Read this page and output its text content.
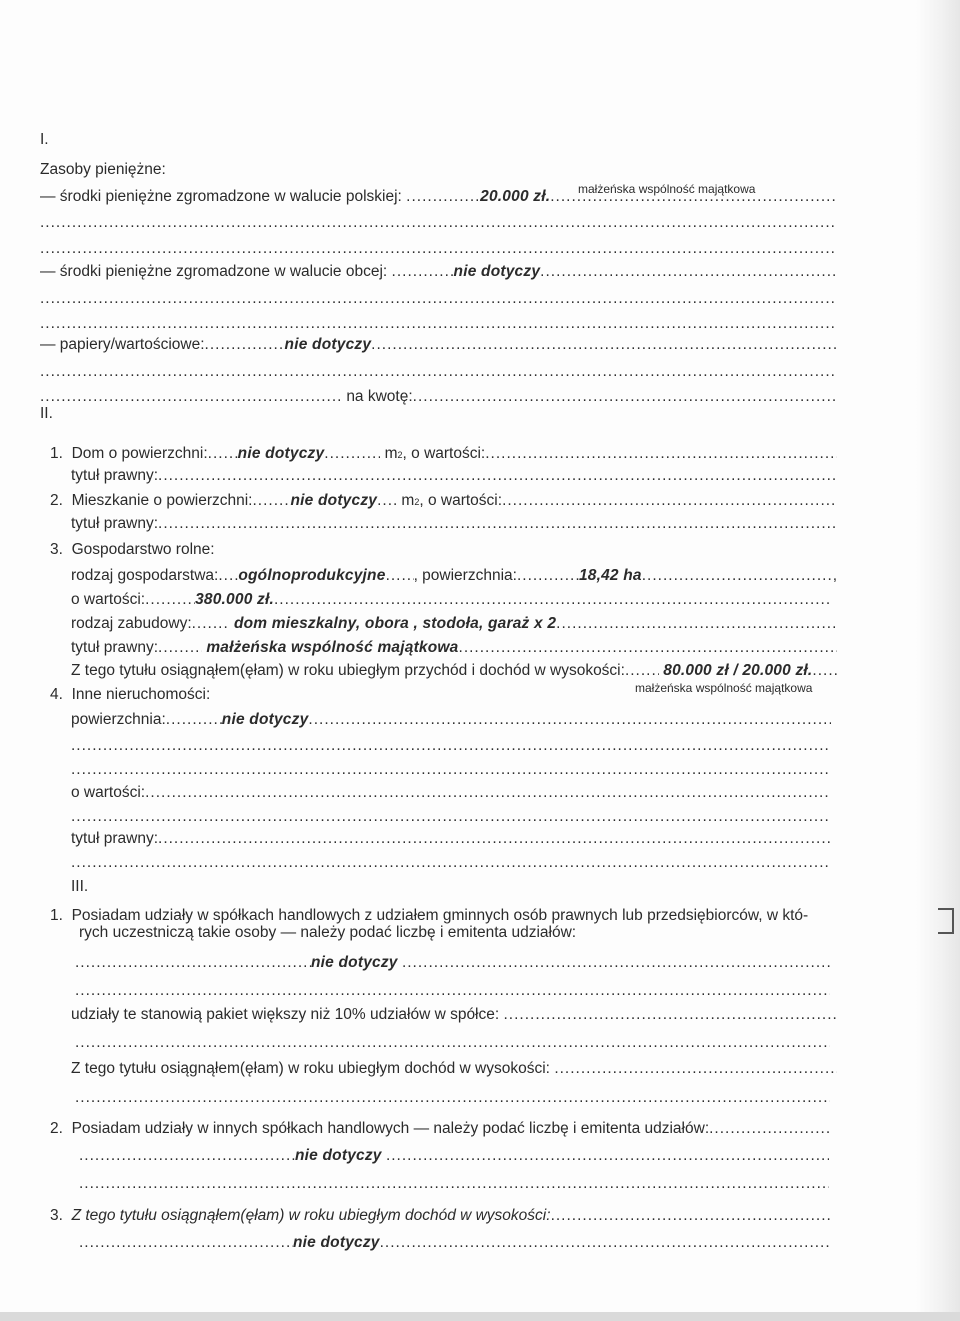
I.
Zasoby pieniężne:
— środki pieniężne zgromadzone w walucie polskiej:
.....	20.000 zł. ..... małżeńska wspólność majątkowa
.....
.....
— środki pieniężne zgromadzone w walucie obcej:
.....	nie dotyczy
.....
.....
.....
— papiery/wartościowe: .....	nie dotyczy
.....
.....
.....

na kwotę:
.....
II.
1.
Dom o powierzchni: ..... nie dotyczy .....
	m 2 , o wartości:
.....
tytuł prawny:
.....
2.
Mieszkanie o powierzchni: ..... nie dotyczy .....
m 2 , o wartości:
.....
tytuł prawny:
.....
3.
Gospodarstwo rolne:
rodzaj gospodarstwa: ..... ogólnoprodukcyjne ..... , powierzchnia: .....	18,42 ha .....	,
o wartości: .....	380.000 zł.
.....
rodzaj zabudowy: .....
	dom mieszkalny, obora , stodoła, garaż x 2
.....
tytuł prawny: .....
	małżeńska wspólność majątkowa
.....
Z tego tytułu osiągnąłem(ęłam) w roku ubiegłym przychód i dochód w wysokości: .....
80.000 zł / 20.000 zł.
.....
małżeńska wspólność majątkowa
4.
Inne nieruchomości:
powierzchnia: .....	nie dotyczy
.....
.....
.....
o wartości:
.....
.....
tytuł prawny:
.....
.....
III.
1.
Posiadam udziały w spółkach handlowych z udziałem gminnych osób prawnych lub przedsiębiorców, w któ-
rych uczestniczą takie osoby — należy podać liczbę i emitenta udziałów:
.....
nie dotyczy

.....
.....
udziały te stanowią pakiet większy niż 10% udziałów w spółce:

.....
.....
Z tego tytułu osiągnąłem(ęłam) w roku ubiegłym dochód w wysokości:

.....
.....
2.
Posiadam udziały w innych spółkach handlowych — należy podać liczbę i emitenta udziałów:
.....
.....
nie dotyczy

.....
.....
3.
Z tego tytułu osiągnąłem(ęłam) w roku ubiegłym dochód w wysokości:
.....
.....
nie dotyczy
.....
